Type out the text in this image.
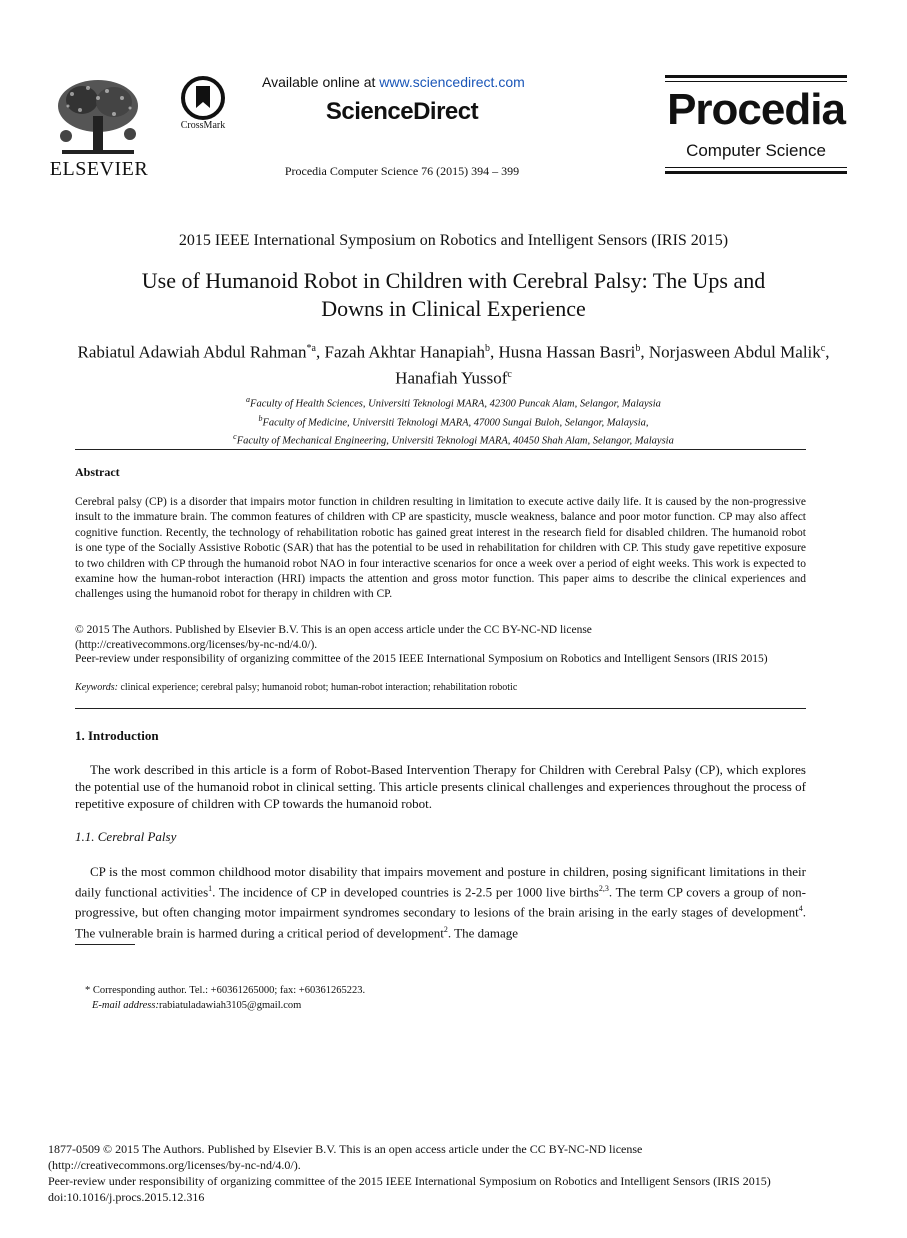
ELSEVIER
CrossMark
Available online at www.sciencedirect.com
ScienceDirect
Procedia Computer Science 76 (2015) 394 – 399
Procedia
Computer Science
2015 IEEE International Symposium on Robotics and Intelligent Sensors (IRIS 2015)
Use of Humanoid Robot in Children with Cerebral Palsy: The Ups and
Downs in Clinical Experience
Rabiatul Adawiah Abdul Rahman$^{*a}$, Fazah Akhtar Hanapiah$^b$, Husna Hassan Basri$^b$, Norjasween Abdul Malik$^c$, Hanafiah Yussof$^c$
$^a$Faculty of Health Sciences, Universiti Teknologi MARA, 42300 Puncak Alam, Selangor, Malaysia
$^b$Faculty of Medicine, Universiti Teknologi MARA, 47000 Sungai Buloh, Selangor, Malaysia,
$^c$Faculty of Mechanical Engineering, Universiti Teknologi MARA, 40450 Shah Alam, Selangor, Malaysia
Abstract
Cerebral palsy (CP) is a disorder that impairs motor function in children resulting in limitation to execute active daily life. It is caused by the non-progressive insult to the immature brain. The common features of children with CP are spasticity, muscle weakness, balance and poor motor function. CP may also affect cognitive function. Recently, the technology of rehabilitation robotic has gained great interest in the research field for disabled children. The humanoid robot is one type of the Socially Assistive Robotic (SAR) that has the potential to be used in rehabilitation for children with CP. This study gave repetitive exposure to two children with CP through the humanoid robot NAO in four interactive scenarios for once a week over a period of eight weeks. This work is expected to examine how the human-robot interaction (HRI) impacts the attention and gross motor function. This paper aims to describe the clinical experiences and challenges using the humanoid robot for therapy in children with CP.

© 2015 The Authors. Published by Elsevier B.V. This is an open access article under the CC BY-NC-ND license

(http://creativecommons.org/licenses/by-nc-nd/4.0/).

Peer-review under responsibility of organizing committee of the 2015 IEEE International Symposium on Robotics and Intelligent Sensors (IRIS 2015)

Keywords: clinical experience; cerebral palsy; humanoid robot; human-robot interaction; rehabilitation robotic
1. Introduction
The work described in this article is a form of Robot-Based Intervention Therapy for Children with Cerebral Palsy (CP), which explores the potential use of the humanoid robot in clinical setting. This article presents clinical challenges and experiences throughout the process of repetitive exposure of children with CP towards the humanoid robot.
1.1. Cerebral Palsy
CP is the most common childhood motor disability that impairs movement and posture in children, posing significant limitations in their daily functional activities$^1$. The incidence of CP in developed countries is 2-2.5 per 1000 live births$^{2,3}$. The term CP covers a group of non-progressive, but often changing motor impairment syndromes secondary to lesions of the brain arising in the early stages of development$^4$. The vulnerable brain is harmed during a critical period of development$^2$. The damage

* Corresponding author. Tel.: +60361265000; fax: +60361265223.

E-mail address:rabiatuladawiah3105@gmail.com

1877-0509 © 2015 The Authors. Published by Elsevier B.V. This is an open access article under the CC BY-NC-ND license

(http://creativecommons.org/licenses/by-nc-nd/4.0/).

Peer-review under responsibility of organizing committee of the 2015 IEEE International Symposium on Robotics and Intelligent Sensors (IRIS 2015)

doi:10.1016/j.procs.2015.12.316
